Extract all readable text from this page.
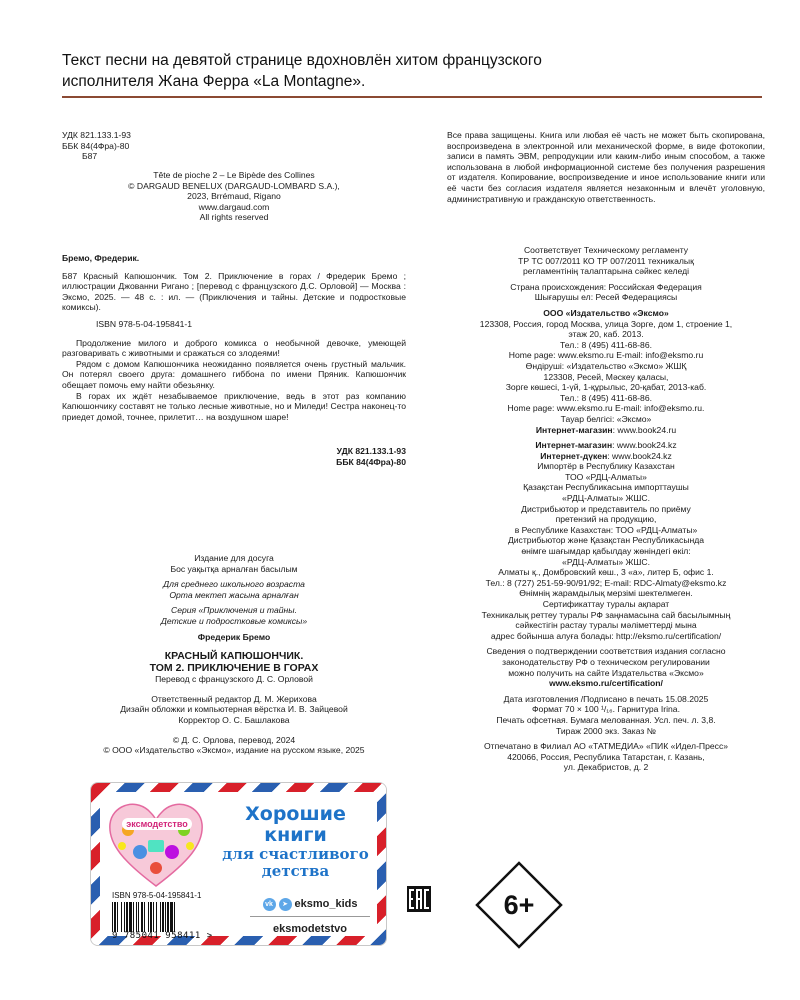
Текст песни на девятой странице вдохновлён хитом французского
исполнителя Жана Ферра «La Montagne».
УДК 821.133.1-93
ББК 84(4Фра)-80
Б87
Tête de pioche 2 – Le Bipède des Collines
© DARGAUD BENELUX (DARGAUD-LOMBARD S.A.),
2023, Brrémaud, Rigano
www.dargaud.com
All rights reserved
Бремо, Фредерик.

Б87 Красный Капюшончик. Том 2. Приключение в горах / Фредерик Бремо ; иллюстрации Джованни Ригано ; [перевод с французского Д.С. Орловой] — Москва : Эксмо, 2025. — 48 с. : ил. — (Приключения и тайны. Детские и подростковые комиксы).

ISBN 978-5-04-195841-1

Продолжение милого и доброго комикса о необычной девочке, умеющей разговаривать с животными и сражаться со злодеями!

Рядом с домом Капюшончика неожиданно появляется очень грустный мальчик. Он потерял своего друга: домашнего гиббона по имени Пряник. Капюшончик обещает помочь ему найти обезьянку.

В горах их ждёт незабываемое приключение, ведь в этот раз компанию Капюшончику составят не только лесные животные, но и Миледи! Сестра наконец-то приедет домой, точнее, прилетит… на воздушном шаре!

УДК 821.133.1-93
ББК 84(4Фра)-80
Издание для досуга
Бос уақытқа арналған басылым
Для среднего школьного возраста
Орта мектеп жасына арналған
Серия «Приключения и тайны.
Детские и подростковые комиксы»
Фредерик Бремо
КРАСНЫЙ КАПЮШОНЧИК.
ТОМ 2. ПРИКЛЮЧЕНИЕ В ГОРАХ
Перевод с французского Д. С. Орловой
Ответственный редактор Д. М. Жерихова
Дизайн обложки и компьютерная вёрстка И. В. Зайцевой
Корректор О. С. Башлакова
© Д. С. Орлова, перевод, 2024
© ООО «Издательство «Эксмо», издание на русском языке, 2025
Все права защищены. Книга или любая её часть не может быть скопирована, воспроизведена в электронной или механической форме, в виде фотокопии, записи в память ЭВМ, репродукции или каким-либо иным способом, а также использована в любой информационной системе без получения разрешения от издателя. Копирование, воспроизведение и иное использование книги или её части без согласия издателя является незаконным и влечёт уголовную, административную и гражданскую ответственность.
Соответствует Техническому регламенту
ТР ТС 007/2011 КО ТР 007/2011 техникалық
регламентінің талаптарына сәйкес келеді
Страна происхождения: Российская Федерация
Шығарушы ел: Ресей Федерациясы
ООО «Издательство «Эксмо»
123308, Россия, город Москва, улица Зорге, дом 1, строение 1,
этаж 20, каб. 2013.
Тел.: 8 (495) 411-68-86.
Home page: www.eksmo.ru E-mail: info@eksmo.ru
Өндіруші: «Издательство «Эксмо» ЖШҚ
123308, Ресей, Мәскеу қаласы,
Зорге көшесі, 1-үй, 1-құрылыс, 20-қабат, 2013-каб.
Тел.: 8 (495) 411-68-86.
Home page: www.eksmo.ru E-mail: info@eksmo.ru.
Тауар белгісі: «Эксмо»
Интернет-магазин: www.book24.ru
Интернет-магазин: www.book24.kz
Интернет-дүкен: www.book24.kz
Импортёр в Республику Казахстан
ТОО «РДЦ-Алматы»
Қазақстан Республикасына импорттаушы
«РДЦ-Алматы» ЖШС.
Дистрибьютор и представитель по приёму
претензий на продукцию,
в Республике Казахстан: ТОО «РДЦ-Алматы»
Дистрибьютор және Қазақстан Республикасында
өнімге шағымдар қабылдау жөніндегі өкіл:
«РДЦ-Алматы» ЖШС.
Алматы қ., Домбровский көш., 3 «а», литер Б, офис 1.
Тел.: 8 (727) 251-59-90/91/92; E-mail: RDC-Almaty@eksmo.kz
Өнімнің жарамдылық мерзімі шектелмеген.
Сертификаттау туралы ақпарат
Техникалық реттеу туралы РФ заңнамасына сай басылымның
сәйкестігін растау туралы мәліметтерді мына
адрес бойынша алуға болады: http://eksmo.ru/certification/
Сведения о подтверждении соответствия издания согласно
законодательству РФ о техническом регулировании
можно получить на сайте Издательства «Эксмо»
www.eksmo.ru/certification/
Дата изготовления /Подписано в печать 15.08.2025
Формат 70 × 100 ¹/₁₆. Гарнитура Irina.
Печать офсетная. Бумага мелованная. Усл. печ. л. 3,8.
Тираж 2000 экз. Заказ №
Отпечатано в Филиал АО «ТАТМЕДИА» «ПИК «Идел-Пресс»
420066, Россия, Республика Татарстан, г. Казань,
ул. Декабристов, д. 2
эксмодетство	Хорошие
книги
для счастливого
детства
ISBN 978-5-04-195841-1
9 785041 958411 >
vk	➤ eksmo_kids
eksmodetstvo
6+
